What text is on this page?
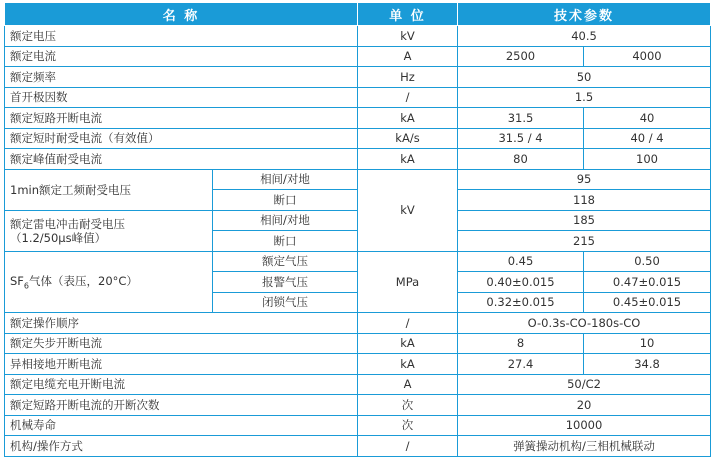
名 称		单 位	技术参数	
额定电压		kV	40.5	
额定电流		A	2500	4000
额定频率		Hz	50	
首开极因数		/	1.5	
额定短路开断电流		kA	31.5	40
额定短时耐受电流（有效值）		kA/s	31.5 / 4	40 / 4
额定峰值耐受电流		kA	80	100
1min额定工频耐受电压	相间/对地	kV	95	
	断口		118	

额定雷电冲击耐受电压
（1.2/50μs峰值）	相间/对地		185	
	断口		215	
$SF_6$气体（表压，20°C）	额定气压	MPa	0.45	0.50
	报警气压		0.40±0.015	0.47±0.015
	闭锁气压		0.32±0.015	0.45±0.015
额定操作顺序		/	O-0.3s-CO-180s-CO	
额定失步开断电流		kA	8	10
异相接地开断电流		kA	27.4	34.8
额定电缆充电开断电流		A	50/C2	
额定短路开断电流的开断次数		次	20	
机械寿命		次	10000	
机构/操作方式		/	弹簧操动机构/三相机械联动	
